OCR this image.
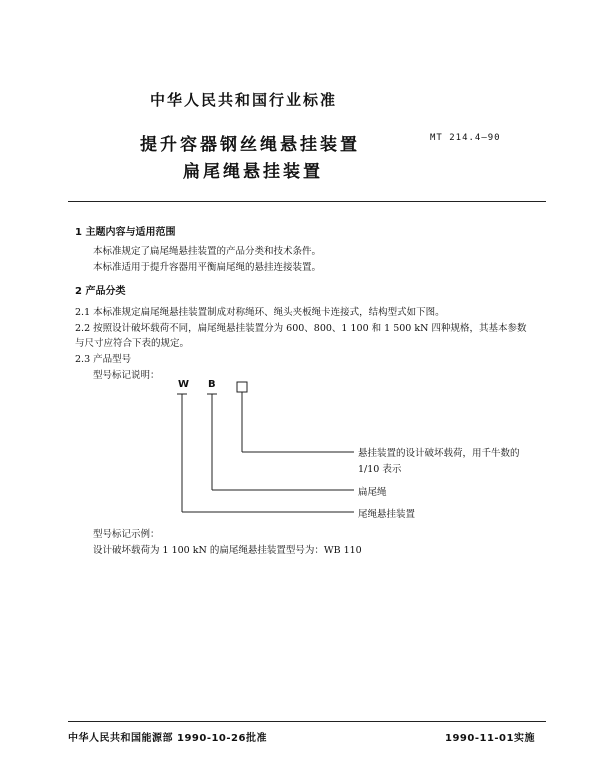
中华人民共和国行业标准
提升容器钢丝绳悬挂装置
扁尾绳悬挂装置
MT 214.4—90
1 主题内容与适用范围
本标准规定了扁尾绳悬挂装置的产品分类和技术条件。
本标准适用于提升容器用平衡扁尾绳的悬挂连接装置。
2 产品分类
2.1 本标准规定扁尾绳悬挂装置制成对称绳环、绳头夹板绳卡连接式，结构型式如下图。
2.2 按照设计破坏载荷不同，扁尾绳悬挂装置分为 600、800、1 100 和 1 500 kN 四种规格，其基本参数
与尺寸应符合下表的规定。
2.3 产品型号
型号标记说明：
W B
悬挂装置的设计破坏载荷，用千牛数的
1/10 表示
扁尾绳
尾绳悬挂装置
型号标记示例：
设计破坏载荷为 1 100 kN 的扁尾绳悬挂装置型号为：WB 110
中华人民共和国能源部 1990-10-26批准	1990-11-01实施
